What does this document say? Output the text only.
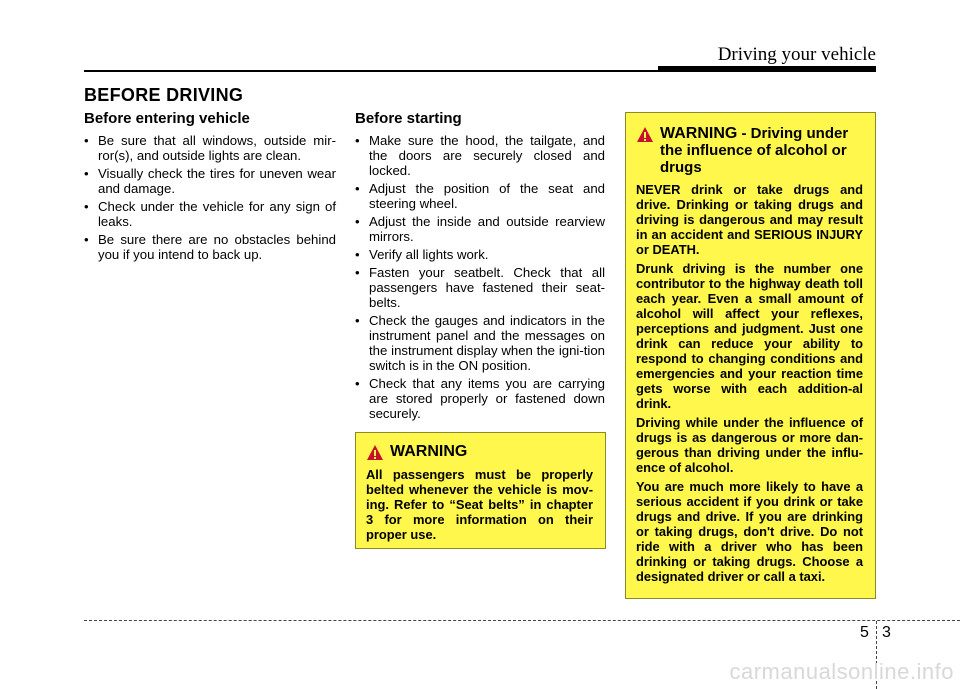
Driving your vehicle
BEFORE DRIVING
Before entering vehicle
• Be sure that all windows, outside mir-ror(s), and outside lights are clean.
• Visually check the tires for uneven wear and damage.
• Check under the vehicle for any sign of leaks.
• Be sure there are no obstacles behind you if you intend to back up.
Before starting
• Make sure the hood, the tailgate, and the doors are securely closed and locked.
• Adjust the position of the seat and steering wheel.
• Adjust the inside and outside rearview mirrors.
• Verify all lights work.
• Fasten your seatbelt. Check that all passengers have fastened their seat-belts.
• Check the gauges and indicators in the instrument panel and the messages on the instrument display when the igni-tion switch is in the ON position.
• Check that any items you are carrying are stored properly or fastened down securely.
WARNING

All passengers must be properly belted whenever the vehicle is mov-ing. Refer to “Seat belts” in chapter 3 for more information on their proper use.

WARNING - Driving under the influence of alcohol or drugs

NEVER drink or take drugs and drive. Drinking or taking drugs and driving is dangerous and may result in an accident and SERIOUS INJURY or DEATH.

Drunk driving is the number one contributor to the highway death toll each year. Even a small amount of alcohol will affect your reflexes, perceptions and judgment. Just one drink can reduce your ability to respond to changing conditions and emergencies and your reaction time gets worse with each addition-al drink.

Driving while under the influence of drugs is as dangerous or more dan-gerous than driving under the influ-ence of alcohol.

You are much more likely to have a serious accident if you drink or take drugs and drive. If you are drinking or taking drugs, don't drive. Do not ride with a driver who has been drinking or taking drugs. Choose a designated driver or call a taxi.

5 3
carmanualsonline.info
